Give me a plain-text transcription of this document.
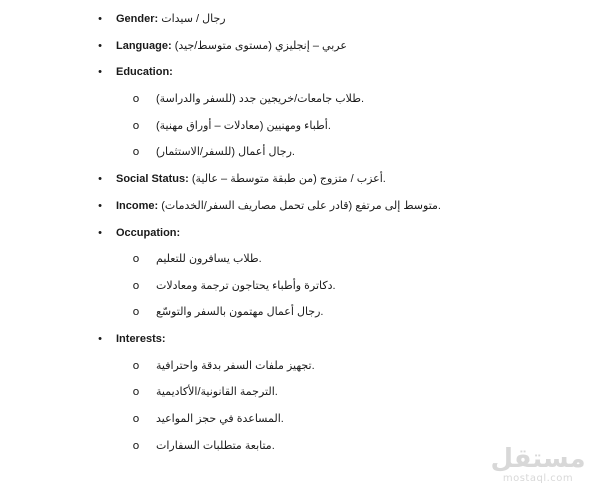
• Gender: رجال / سيدات
• Language: عربي – إنجليزي (مستوى متوسط/جيد)
• Education:
o طلاب جامعات/خريجين جدد (للسفر والدراسة).
o أطباء ومهنيين (معادلات – أوراق مهنية).
o رجال أعمال (للسفر/الاستثمار).
• Social Status: أعزب / متزوج (من طبقة متوسطة – عالية).
• Income: متوسط إلى مرتفع (قادر على تحمل مصاريف السفر/الخدمات).
• Occupation:
o طلاب يسافرون للتعليم.
o دكاترة وأطباء يحتاجون ترجمة ومعادلات.
o رجال أعمال مهتمون بالسفر والتوسّع.
• Interests:
o تجهيز ملفات السفر بدقة واحترافية.
o الترجمة القانونية/الأكاديمية.
o المساعدة في حجز المواعيد.
o متابعة متطلبات السفارات.	مستقل
mostaql.com
